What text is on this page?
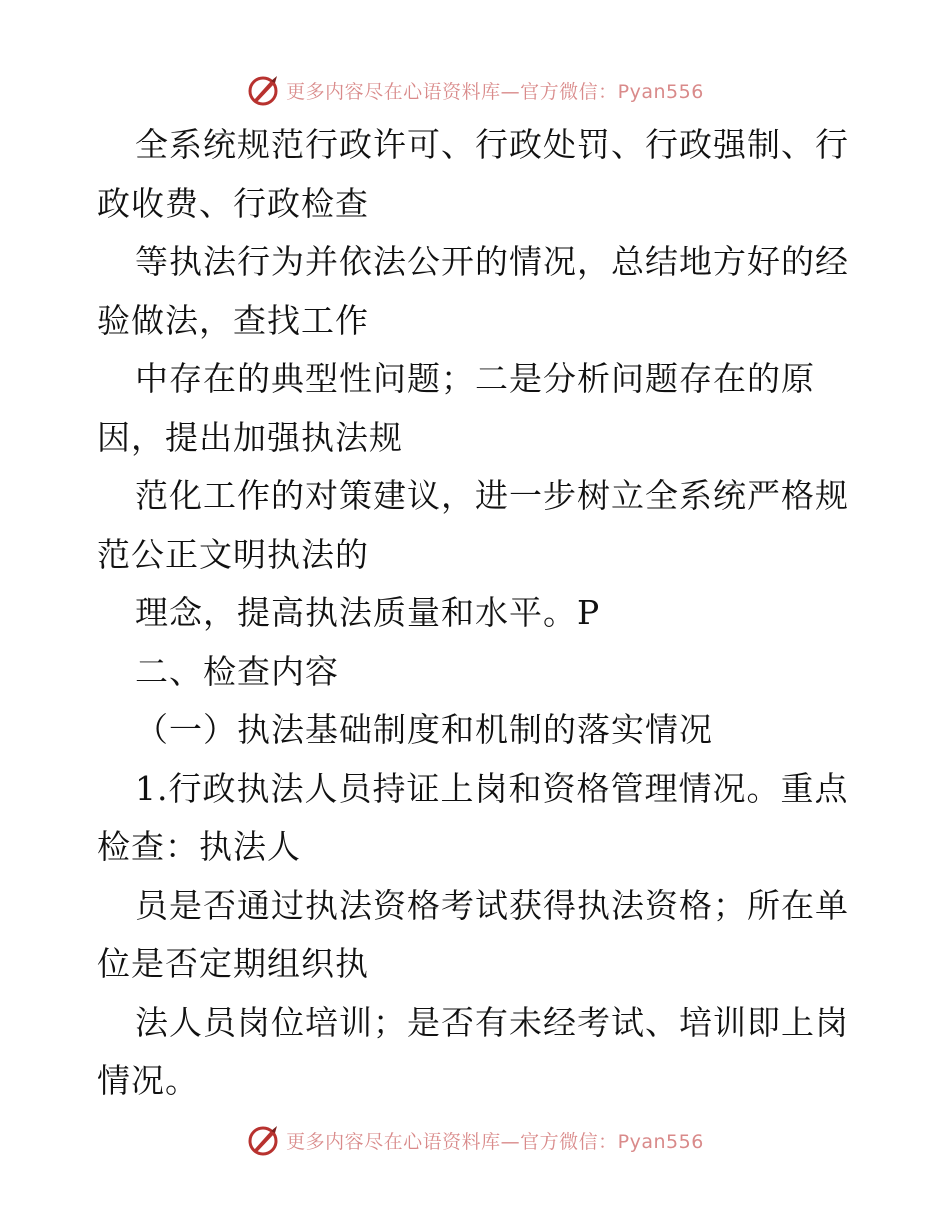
更多内容尽在心语资料库—官方微信：Pyan556
全系统规范行政许可、行政处罚、行政强制、行
政收费、行政检查
等执法行为并依法公开的情况，总结地方好的经
验做法，查找工作
中存在的典型性问题；二是分析问题存在的原
因，提出加强执法规
范化工作的对策建议，进一步树立全系统严格规
范公正文明执法的
理念，提高执法质量和水平。P
二、检查内容
（一）执法基础制度和机制的落实情况
1.行政执法人员持证上岗和资格管理情况。重点
检查：执法人
员是否通过执法资格考试获得执法资格；所在单
位是否定期组织执
法人员岗位培训；是否有未经考试、培训即上岗
情况。
更多内容尽在心语资料库—官方微信：Pyan556
